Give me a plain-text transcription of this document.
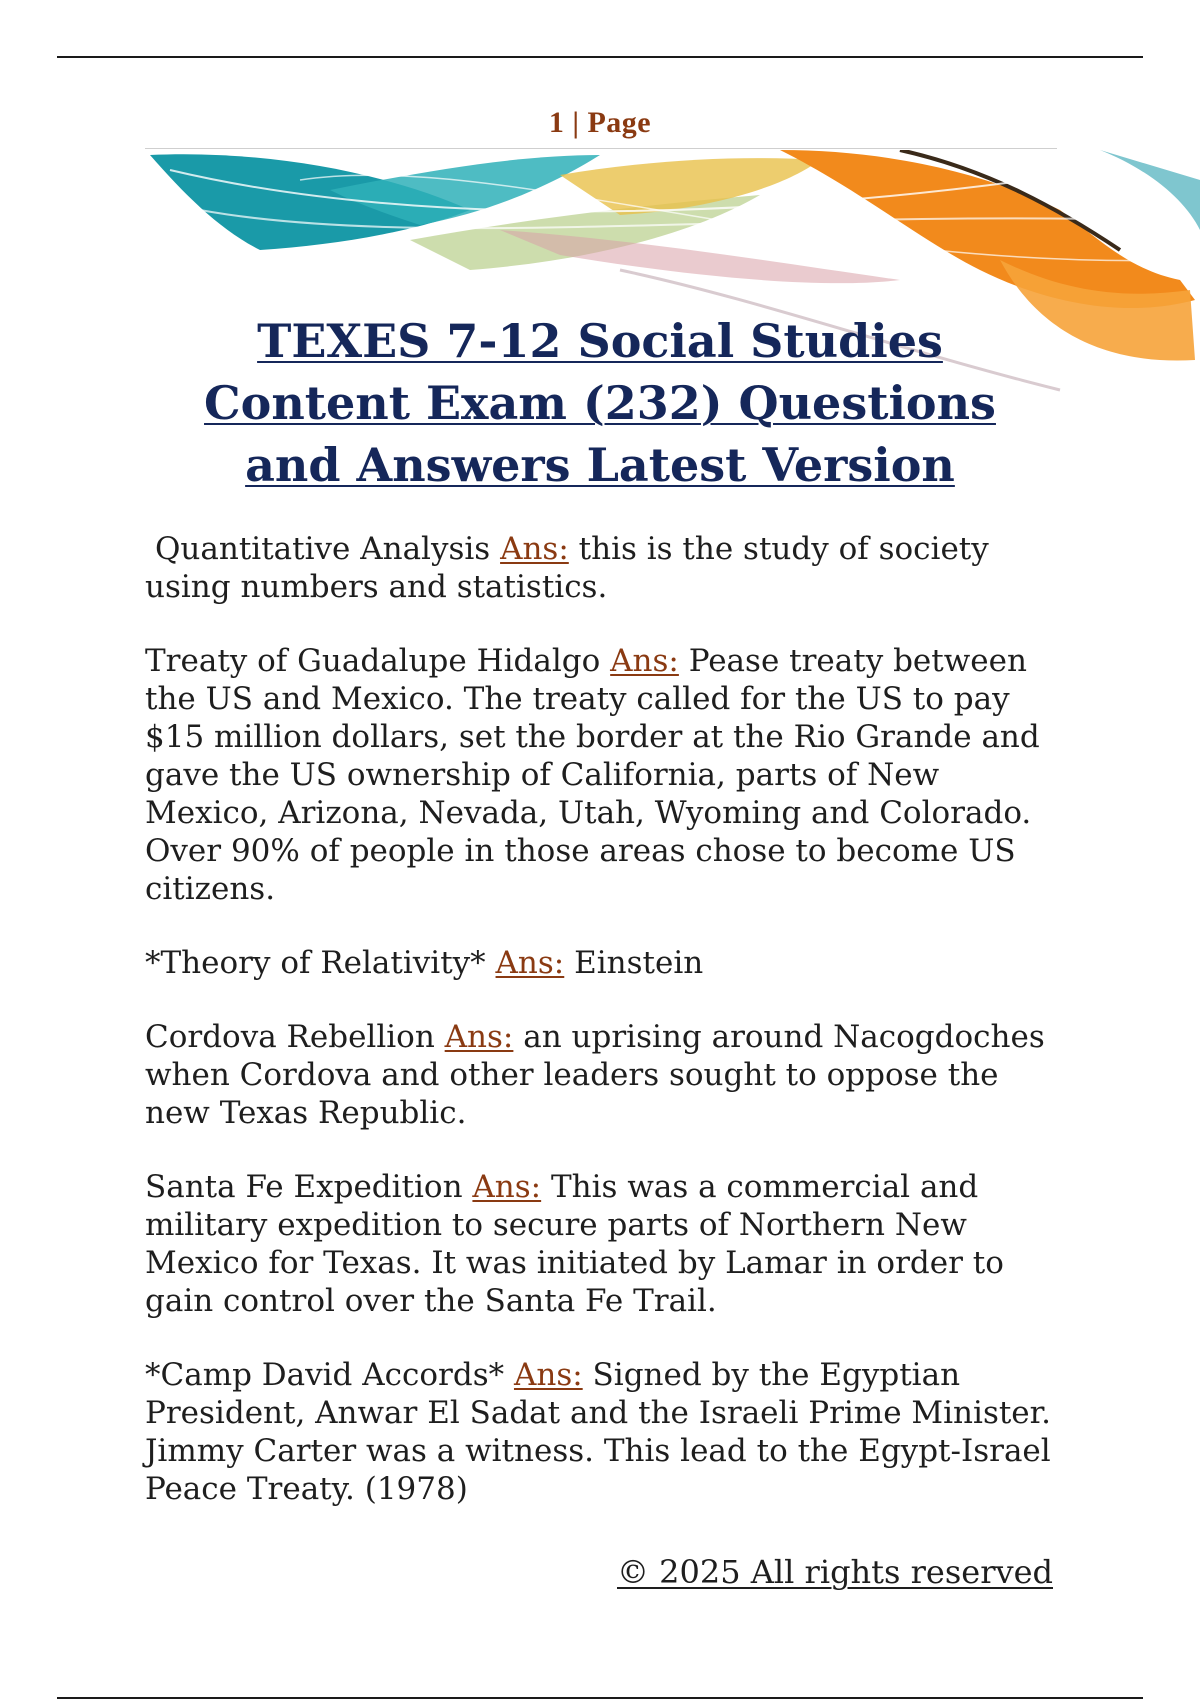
1 | Page
TEXES 7-12 Social Studies Content Exam (232) Questions and Answers Latest Version

Quantitative Analysis Ans: this is the study of society using numbers and statistics.

Treaty of Guadalupe Hidalgo Ans: Pease treaty between the US and Mexico. The treaty called for the US to pay $15 million dollars, set the border at the Rio Grande and gave the US ownership of California, parts of New Mexico, Arizona, Nevada, Utah, Wyoming and Colorado. Over 90% of people in those areas chose to become US citizens.

*Theory of Relativity* Ans: Einstein

Cordova Rebellion Ans: an uprising around Nacogdoches when Cordova and other leaders sought to oppose the new Texas Republic.

Santa Fe Expedition Ans: This was a commercial and military expedition to secure parts of Northern New Mexico for Texas. It was initiated by Lamar in order to gain control over the Santa Fe Trail.

*Camp David Accords* Ans: Signed by the Egyptian President, Anwar El Sadat and the Israeli Prime Minister. Jimmy Carter was a witness. This lead to the Egypt-Israel Peace Treaty. (1978)

© 2025 All rights reserved
